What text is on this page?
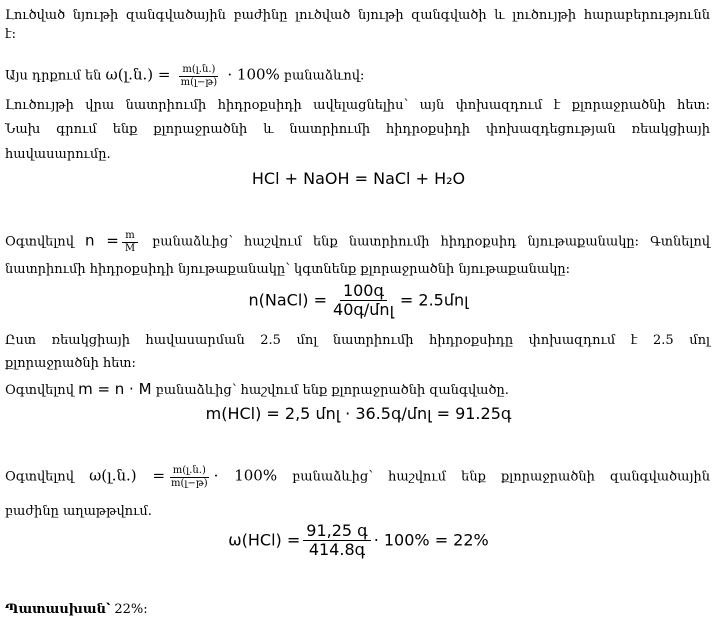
Լուծված նյութի զանգվածային բաժինը լուծված նյութի զանգվածի և լուծույթի հարաբերությունն
է:
Այս դրքում են ω(լ.ն.) = $\frac{\text{m(լ.ն.)}}{\text{m(լ−թ)}} \cdot 100\%$ բանաձևով:
Լուծույթի վրա նատրիումի հիդրօքսիդի ավելացնելիս՝ այն փոխազդում է քլորաջրածնի հետ:
Նախ գրում ենք քլորաջրածնի և նատրիումի հիդրօքսիդի փոխազդեցության ռեակցիայի
հավասարումը.
HCl + NaOH = NaCl + H₂O
Օգտվելով $n = \frac{m}{M}$ բանաձևից՝ հաշվում ենք նատրիումի հիդրօքսիդ նյութաքանակը: Գտնելով
նատրիումի հիդրօքսիդի նյութաքանակը՝ կգտնենք քլորաջրածնի նյութաքանակը:
n(NaCl) = $\frac{\text{100գ}}{\text{40գ/մոլ}}$ = 2.5մոլ
Ըստ ռեակցիայի հավասարման 2.5 մոլ նատրիումի հիդրօքսիդը փոխազդում է 2.5 մոլ
քլորաջրածնի հետ:
Օգտվելով m = n · M բանաձևից՝ հաշվում ենք քլորաջրածնի զանգվածը.
m(HCl) = 2,5 մոլ · 36.5գ/մոլ = 91.25գ
Օգտվելով ω(լ.ն.) = $\frac{\text{m(լ.ն.)}}{\text{m(լ−թ)}} \cdot 100\%$ բանաձևից՝ հաշվում ենք քլորաջրածնի զանգվածային
բաժինը աղաթթվում.
$\omega(HCl) = \frac{\text{91,25 գ}}{\text{414.8գ}} \cdot 100\% = 22\%$
Պատասխան՝ 22%:
